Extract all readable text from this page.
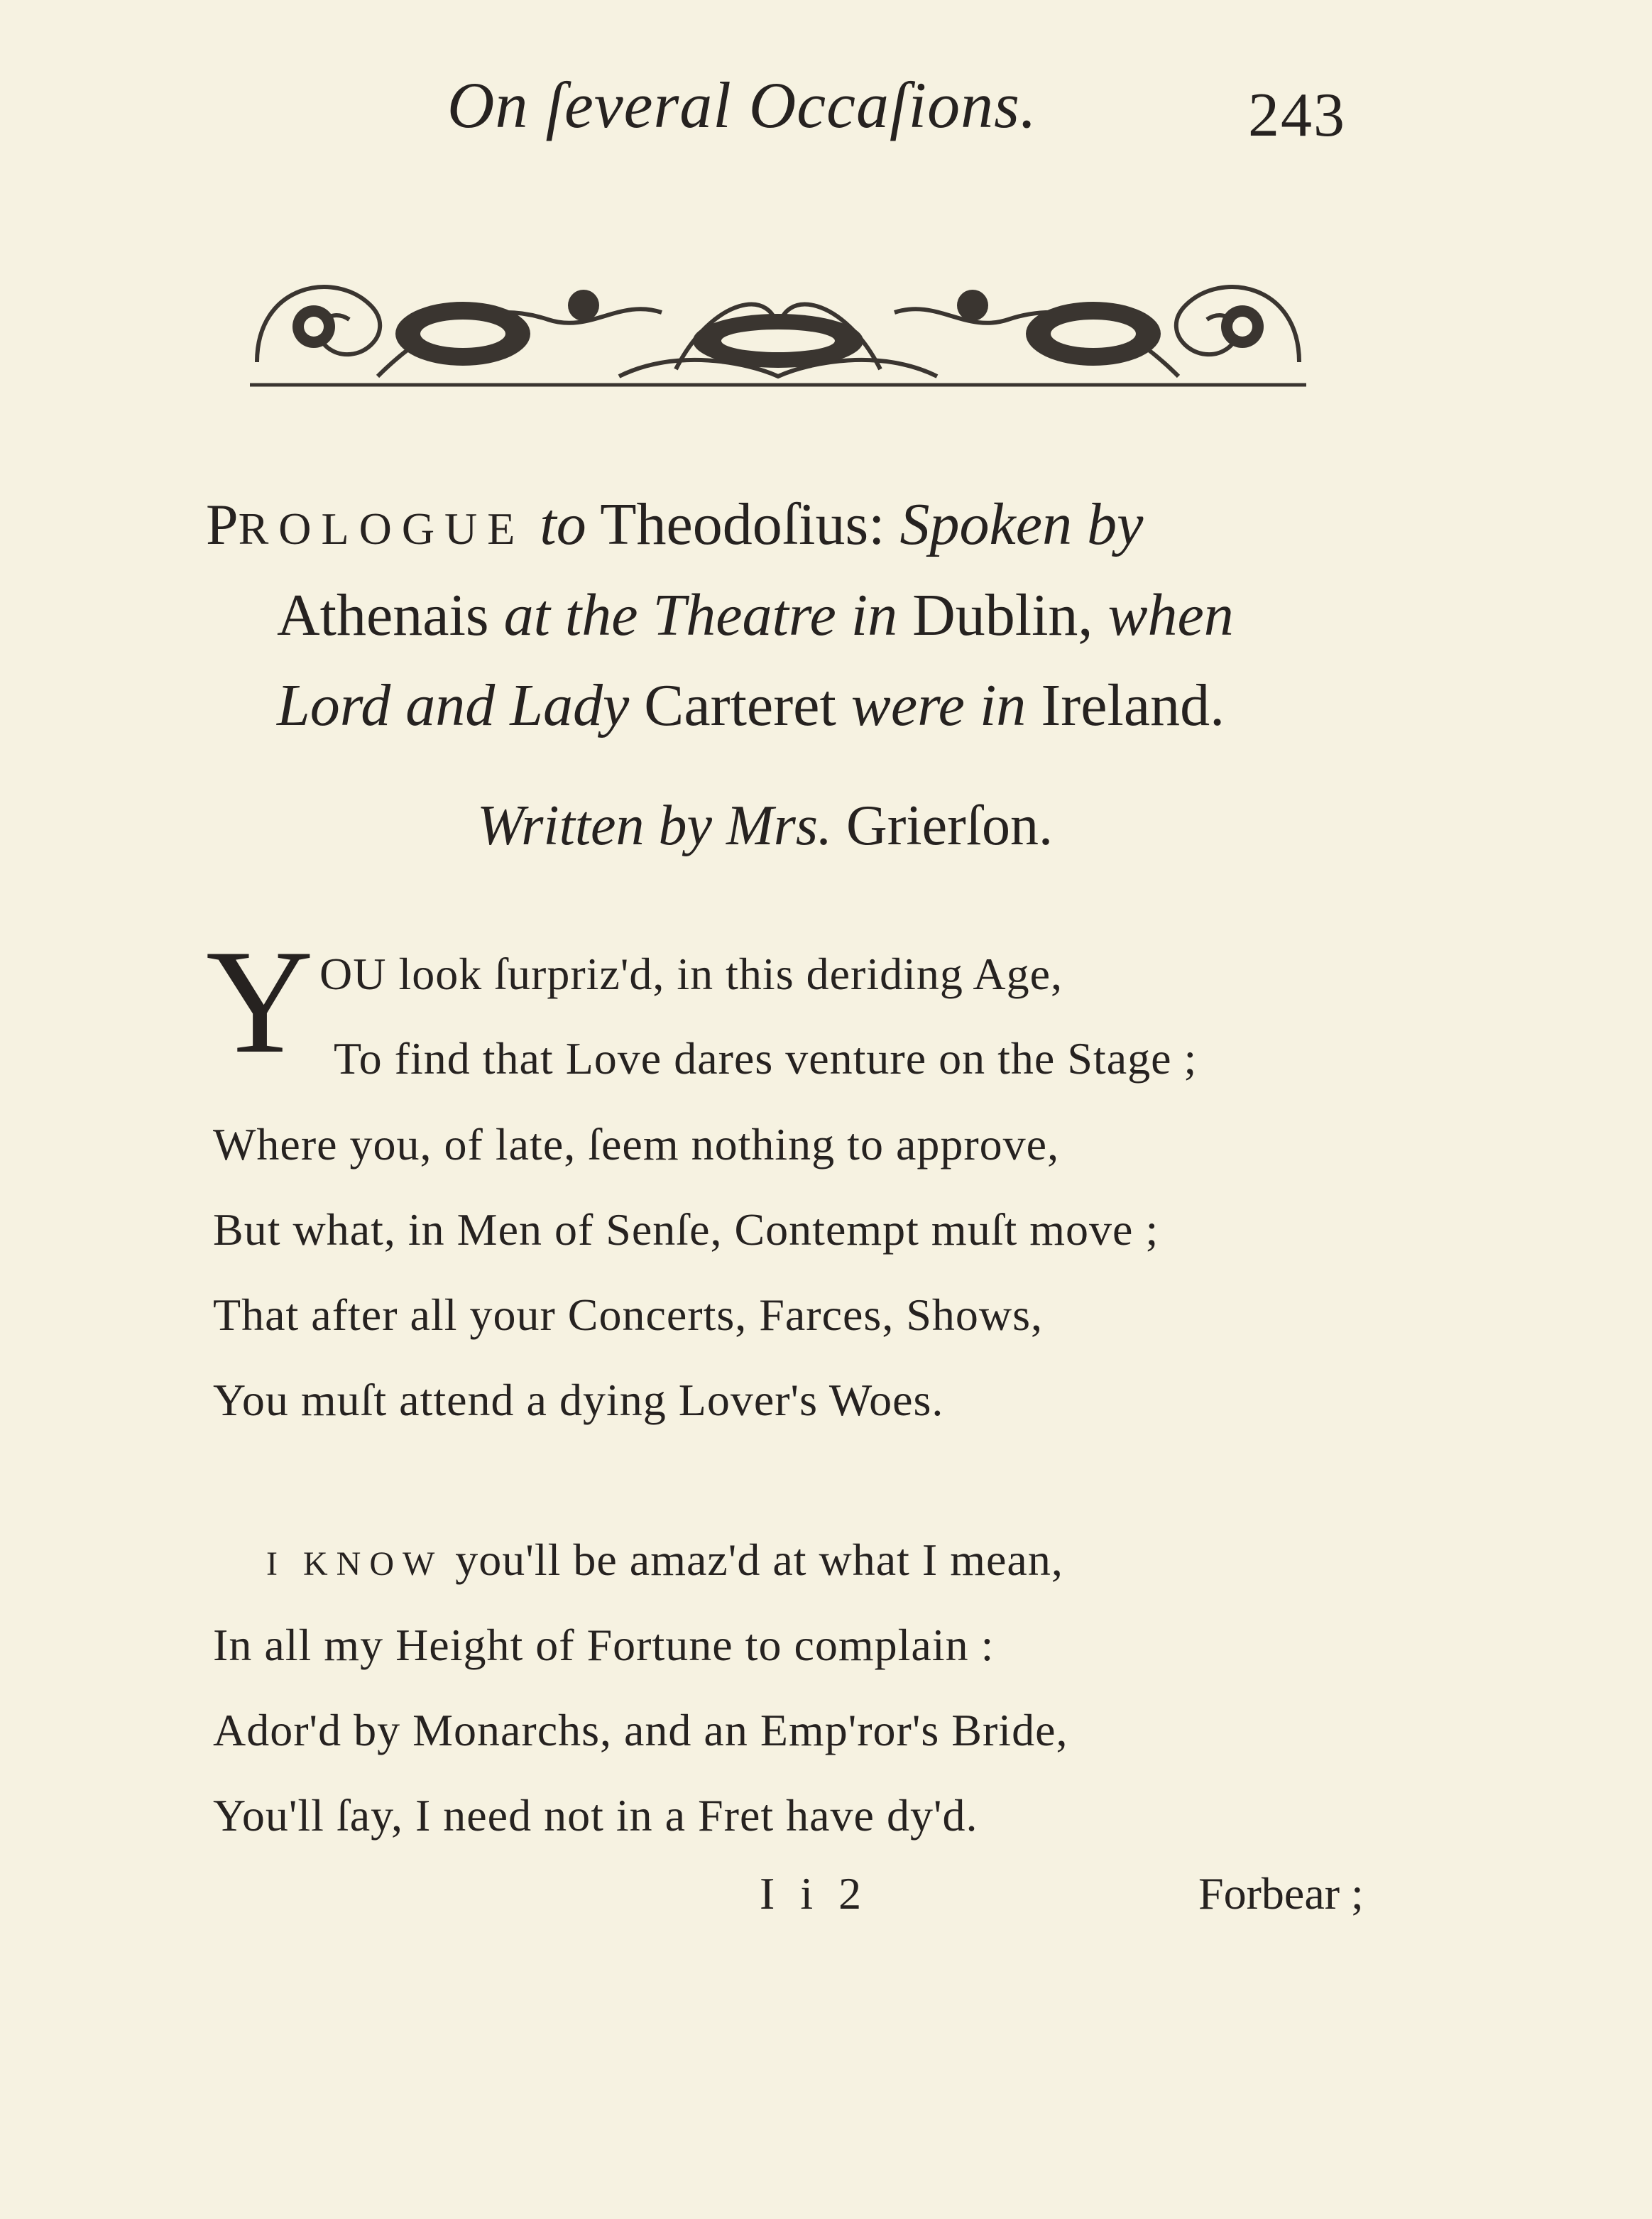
On ſeveral Occaſions.	243
PROLOGUE to Theodoſius: Spoken by
Athenais at the Theatre in Dublin, when
Lord and Lady Carteret were in Ireland.
Written by Mrs. Grierſon.
Y OU look ſurpriz'd, in this deriding Age,
To find that Love dares venture on the Stage ;
Where you, of late, ſeem nothing to approve,
But what, in Men of Senſe, Contempt muſt move ;
That after all your Concerts, Farces, Shows,
You muſt attend a dying Lover's Woes.
I KNOW you'll be amaz'd at what I mean,
In all my Height of Fortune to complain :
Ador'd by Monarchs, and an Emp'ror's Bride,
You'll ſay, I need not in a Fret have dy'd.
I i 2	Forbear ;
